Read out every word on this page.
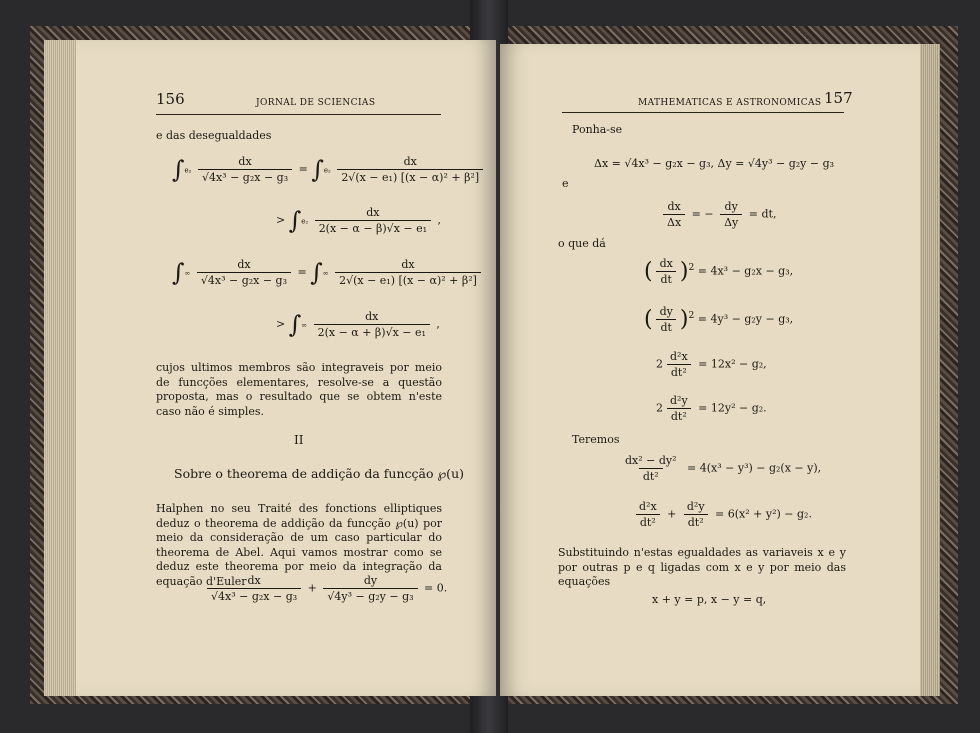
156	JORNAL DE SCIENCIAS
e das desegualdades
$\int e_2 \frac{dx}{\text{√4x³ − g₂x − g₃}} = \int e_2 \frac{dx}{\text{2√(x − e₁) [(x − α)² + β²]}}$
> $\int e_2 \frac{dx}{\text{2(x − α − β)√x − e₁}}$ ,
∫∞ $\frac{dx}{\text{√4x³ − g₂x − g₃}}$ = ∫∞ $\frac{dx}{\text{2√(x − e₁) [(x − α)² + β²]}}$
> ∫∞ $\frac{dx}{\text{2(x − α + β)√x − e₁}}$ ,
cujos ultimos membros são integraveis por meio de funcções elementares, resolve-se a questão proposta, mas o resultado que se obtem n'este caso não é simples.
II
Sobre o theorema de addição da funcção ℘(u)
Halphen no seu Traité des fonctions elliptiques deduz o theorema de addição da funcção ℘(u) por meio da consideração de um caso particular do theorema de Abel. Aqui vamos mostrar como se deduz este theorema por meio da integração da equação d'Euler
$\frac{dx}{\text{√4x³ − g₂x − g₃}} + \frac{dy}{\text{√4y³ − g₂y − g₃}} = 0$.
MATHEMATICAS E ASTRONOMICAS 157
Ponha-se
Δx = √4x³ − g₂x − g₃, Δy = √4y³ − g₂y − g₃
e
$\frac{dx}{\Delta x}$ = − $\frac{dy}{\Delta y}$ = dt,
o que dá
( $\frac{dx}{dt} )^2 = 4x^3 - g_2x - g_3$,
( $\frac{dy}{dt} )^2 = 4y^3 - g_2y - g_3$,
$2 \frac{\text{d²x}}{\text{dt²}} = 12x^2 - g_2$,
$2 \frac{\text{d²y}}{\text{dt²}} = 12y^2 - g_2$.
Teremos
$\frac{\text{dx² − dy²}}{\text{dt²}} = 4(x^3 - y^3) - g_2(x - y)$,
$\frac{\text{d²x}}{\text{dt²}} + \frac{\text{d²y}}{\text{dt²}} = 6(x^2 + y^2) - g_2$.
Substituindo n'estas egualdades as variaveis x e y por outras p e q ligadas com x e y por meio das equações
x + y = p, x − y = q,
